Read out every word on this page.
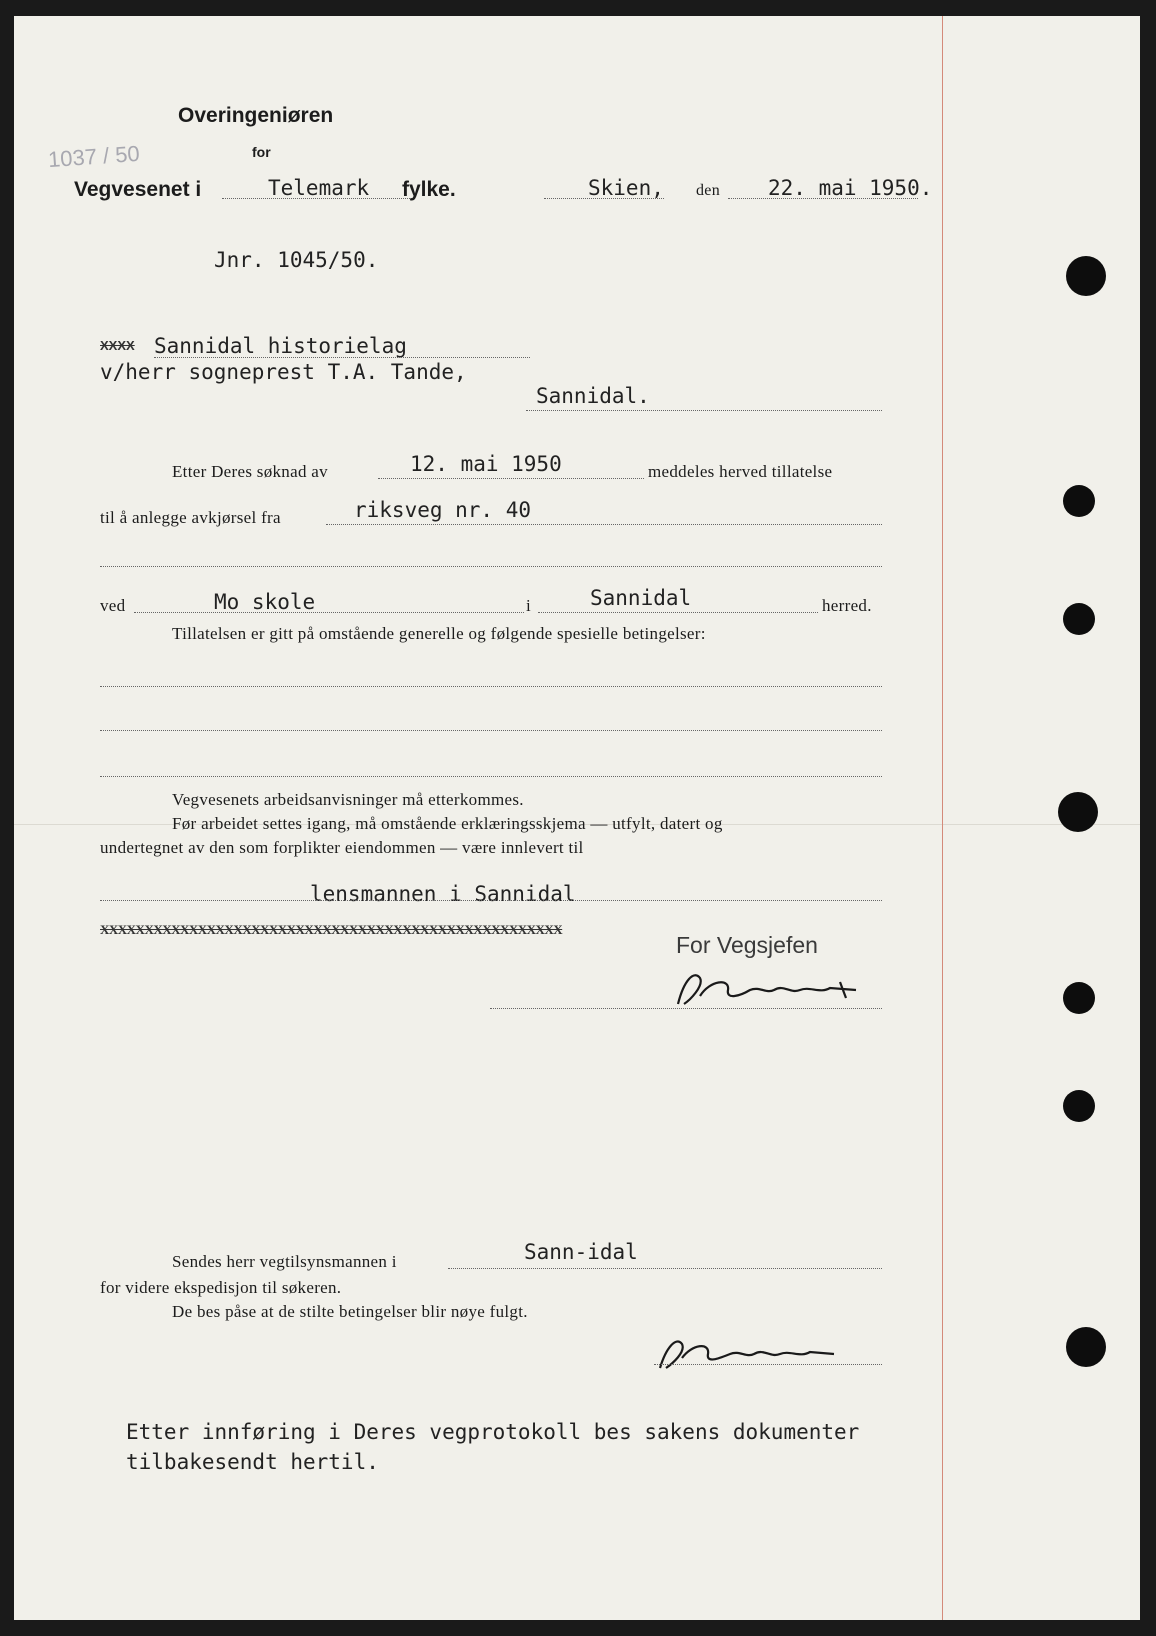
1037 / 50
Overingeniøren
for
Vegvesenet i	Telemark fylke.	Skien, den 22. mai 1950.
Jnr. 1045/50.
XXXX Sannidal historielag
v/herr sogneprest T.A. Tande,
Sannidal.
Etter Deres søknad av	12. mai 1950	meddeles herved tillatelse
til å anlegge avkjørsel fra	riksveg nr. 40
ved	Mo skole	i	Sannidal	herred.
Tillatelsen er gitt på omstående generelle og følgende spesielle betingelser:
Vegvesenets arbeidsanvisninger må etterkommes.
Før arbeidet settes igang, må omstående erklæringsskjema — utfylt, datert og
undertegnet av den som forplikter eiendommen — være innlevert til
lensmannen i Sannidal
XXXXXXXXXXXXXXXXXXXXXXXXXXXXXXXXXXXXXXXXXXXXXXXXXXXX
For Vegsjefen
Sendes herr vegtilsynsmannen i	Sann-idal
for videre ekspedisjon til søkeren.
De bes påse at de stilte betingelser blir nøye fulgt.
Etter innføring i Deres vegprotokoll bes sakens dokumenter
tilbakesendt hertil.
